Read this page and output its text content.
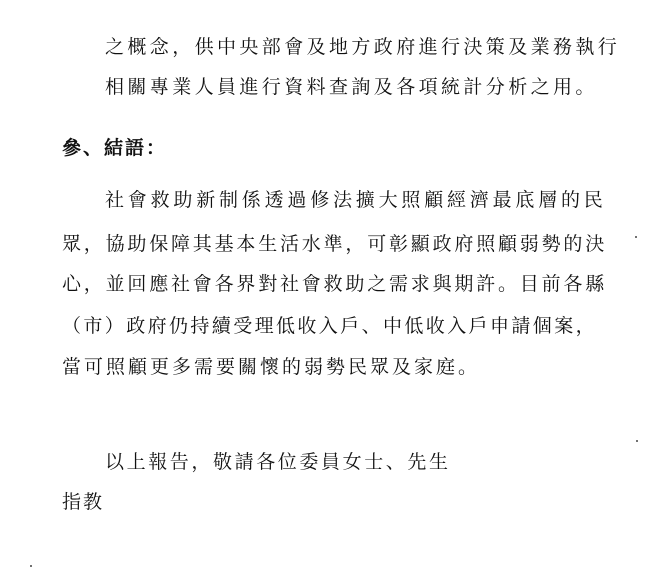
之概念，供中央部會及地方政府進行決策及業務執行
相關專業人員進行資料查詢及各項統計分析之用。
參、結語：
社會救助新制係透過修法擴大照顧經濟最底層的民
眾，協助保障其基本生活水準，可彰顯政府照顧弱勢的決
心，並回應社會各界對社會救助之需求與期許。目前各縣
（市）政府仍持續受理低收入戶、中低收入戶申請個案，
當可照顧更多需要關懷的弱勢民眾及家庭。
以上報告，敬請各位委員女士、先生
指教
